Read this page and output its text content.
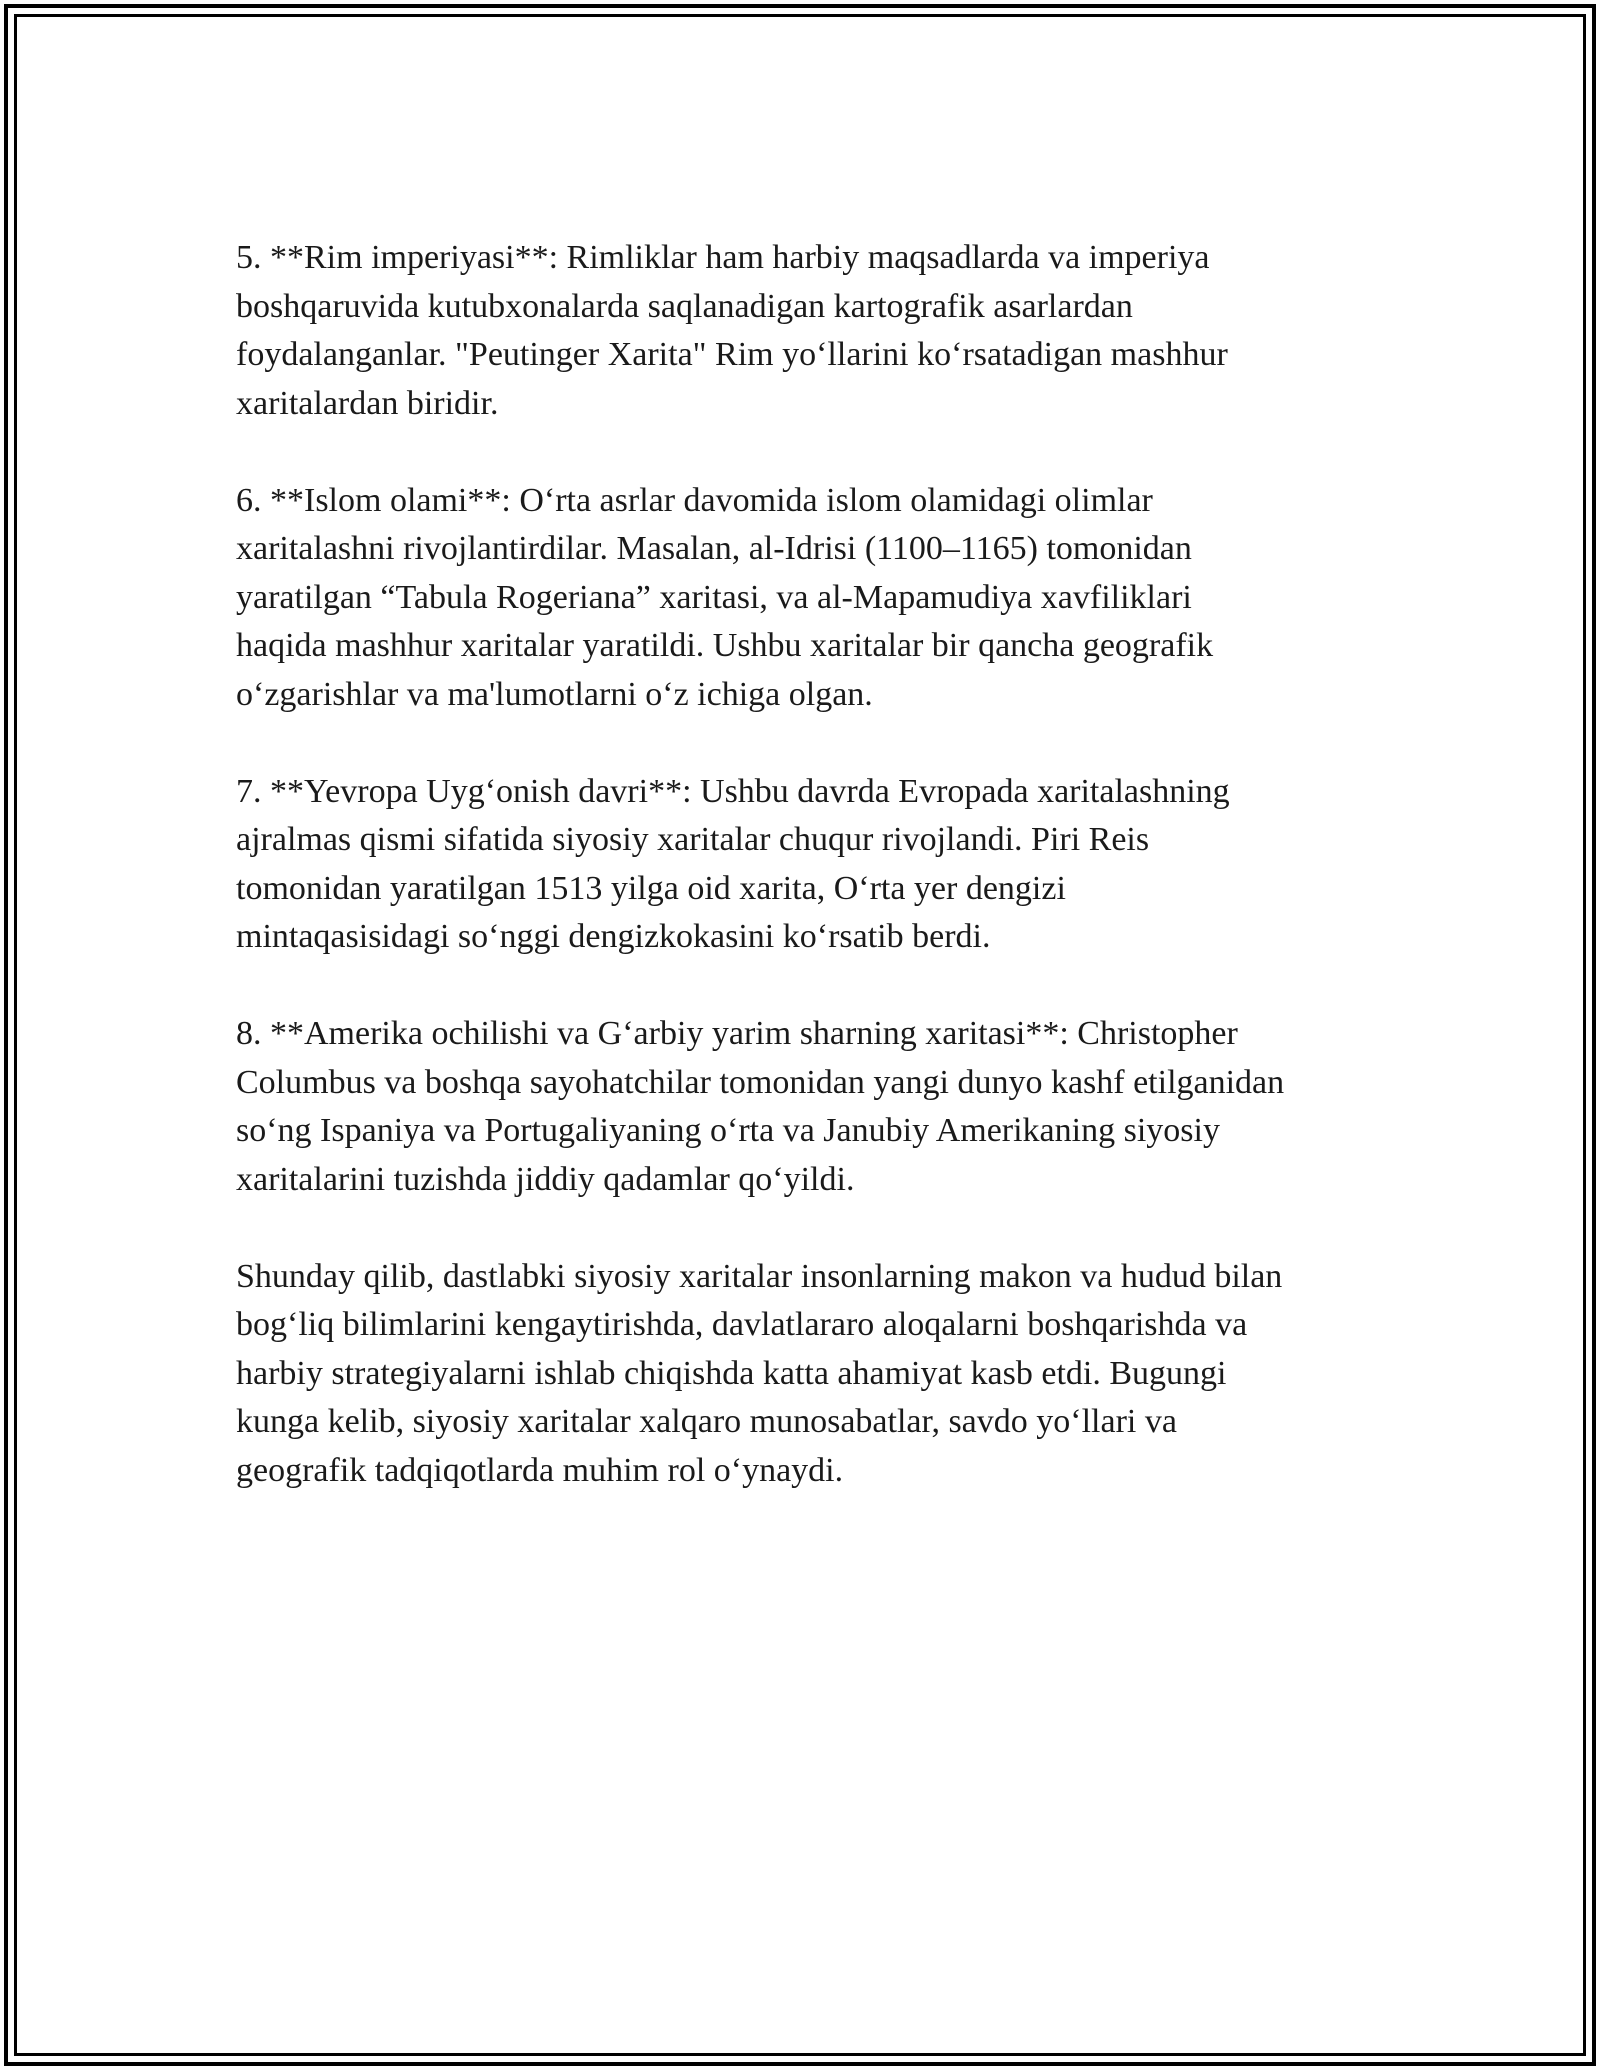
5. **Rim imperiyasi**: Rimliklar ham harbiy maqsadlarda va imperiya
boshqaruvida kutubxonalarda saqlanadigan kartografik asarlardan
foydalanganlar. "Peutinger Xarita" Rim yo‘llarini ko‘rsatadigan mashhur
xaritalardan biridir.

6. **Islom olami**: O‘rta asrlar davomida islom olamidagi olimlar
xaritalashni rivojlantirdilar. Masalan, al-Idrisi (1100–1165) tomonidan
yaratilgan “Tabula Rogeriana” xaritasi, va al-Mapamudiya xavfiliklari
haqida mashhur xaritalar yaratildi. Ushbu xaritalar bir qancha geografik
o‘zgarishlar va ma'lumotlarni o‘z ichiga olgan.

7. **Yevropa Uyg‘onish davri**: Ushbu davrda Evropada xaritalashning
ajralmas qismi sifatida siyosiy xaritalar chuqur rivojlandi. Piri Reis
tomonidan yaratilgan 1513 yilga oid xarita, O‘rta yer dengizi
mintaqasisidagi so‘nggi dengizkokasini ko‘rsatib berdi.

8. **Amerika ochilishi va G‘arbiy yarim sharning xaritasi**: Christopher
Columbus va boshqa sayohatchilar tomonidan yangi dunyo kashf etilganidan
so‘ng Ispaniya va Portugaliyaning o‘rta va Janubiy Amerikaning siyosiy
xaritalarini tuzishda jiddiy qadamlar qo‘yildi.

Shunday qilib, dastlabki siyosiy xaritalar insonlarning makon va hudud bilan
bog‘liq bilimlarini kengaytirishda, davlatlararo aloqalarni boshqarishda va
harbiy strategiyalarni ishlab chiqishda katta ahamiyat kasb etdi. Bugungi
kunga kelib, siyosiy xaritalar xalqaro munosabatlar, savdo yo‘llari va
geografik tadqiqotlarda muhim rol o‘ynaydi.
